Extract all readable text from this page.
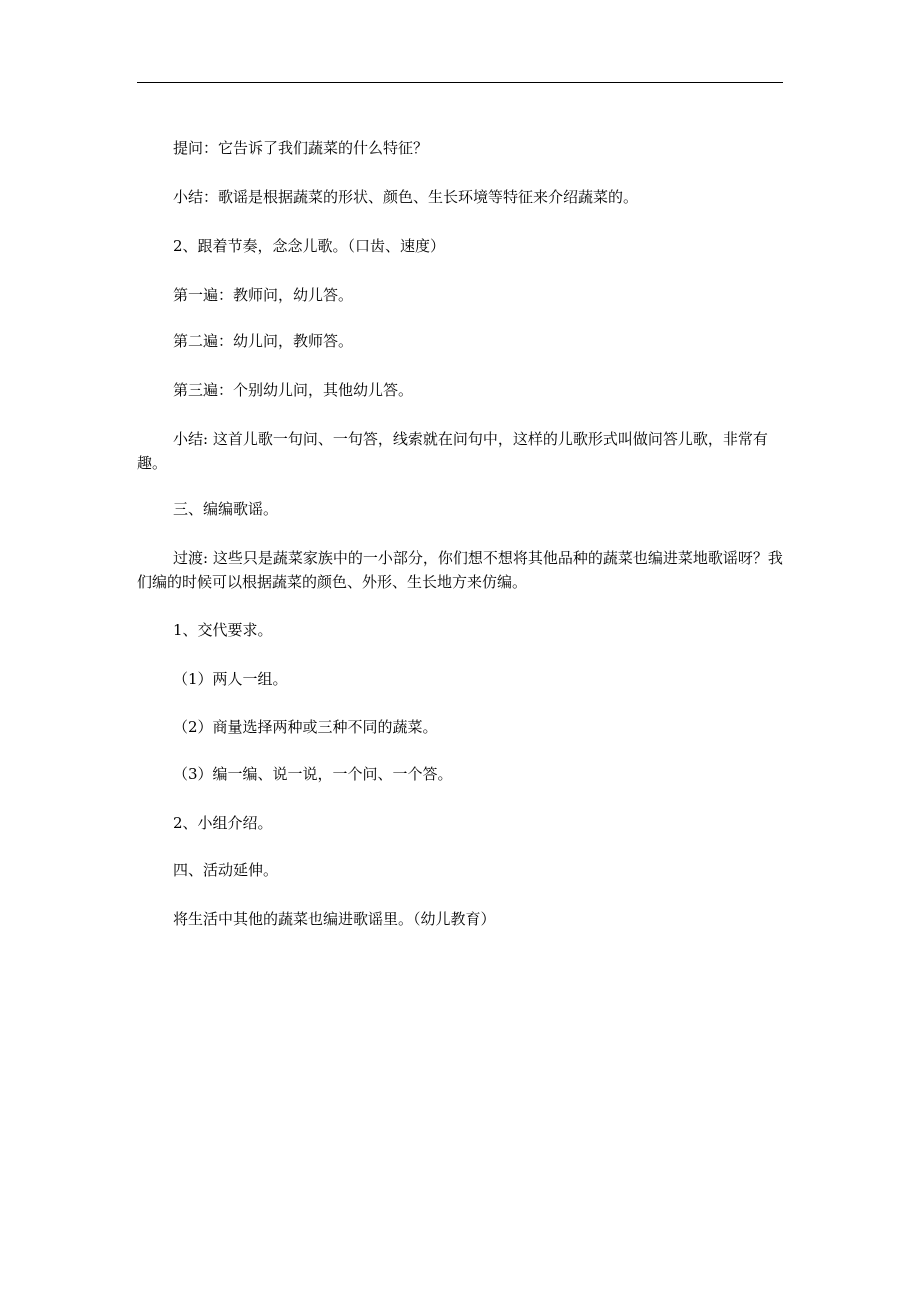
提问：它告诉了我们蔬菜的什么特征？
小结：歌谣是根据蔬菜的形状、颜色、生长环境等特征来介绍蔬菜的。
2、跟着节奏，念念儿歌。（口齿、速度）
第一遍：教师问，幼儿答。
第二遍：幼儿问，教师答。
第三遍：个别幼儿问，其他幼儿答。
小结: 这首儿歌一句问、一句答，线索就在问句中，这样的儿歌形式叫做问答儿歌，非常有趣。
三、编编歌谣。
过渡: 这些只是蔬菜家族中的一小部分，你们想不想将其他品种的蔬菜也编进菜地歌谣呀？我们编的时候可以根据蔬菜的颜色、外形、生长地方来仿编。
1、交代要求。
（1）两人一组。
（2）商量选择两种或三种不同的蔬菜。
（3）编一编、说一说，一个问、一个答。
2、小组介绍。
四、活动延伸。
将生活中其他的蔬菜也编进歌谣里。（幼儿教育）
